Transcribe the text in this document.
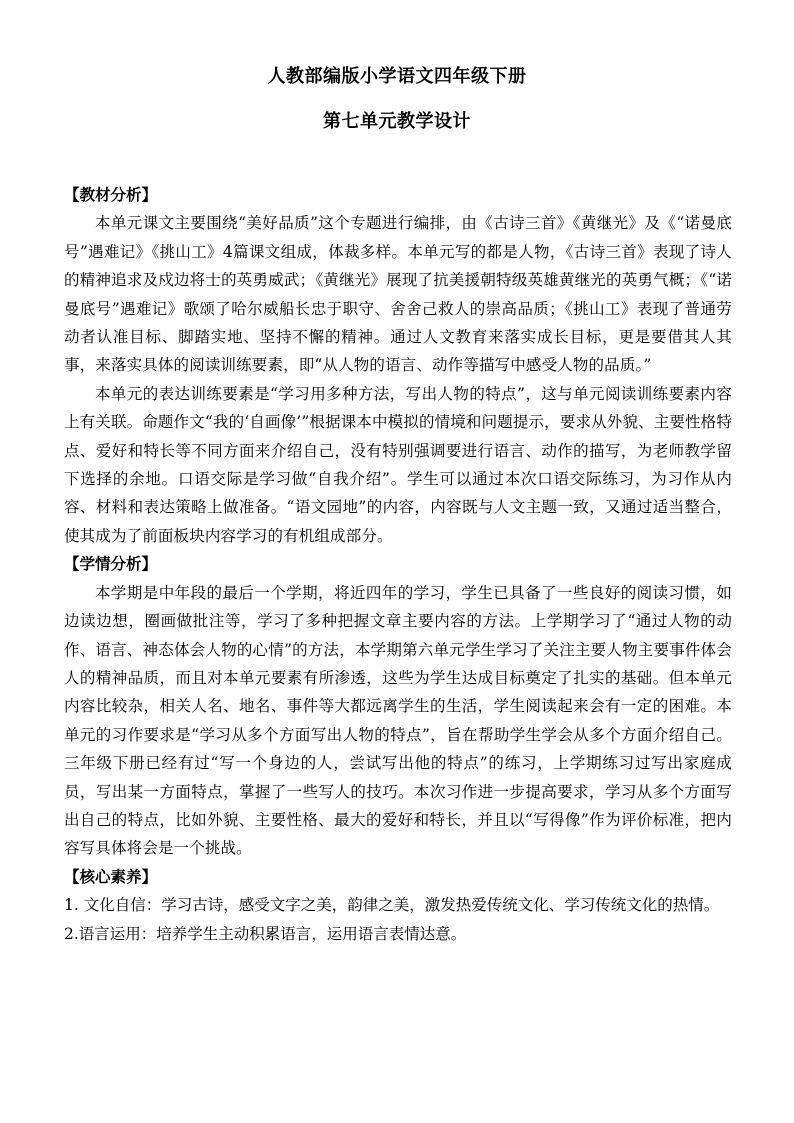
人教部编版小学语文四年级下册
第七单元教学设计
【教材分析】

本单元课文主要围绕“美好品质”这个专题进行编排，由《古诗三首》《黄继光》及《“诺曼底号”遇难记》《挑山工》4篇课文组成，体裁多样。本单元写的都是人物，《古诗三首》表现了诗人的精神追求及戍边将士的英勇威武；《黄继光》展现了抗美援朝特级英雄黄继光的英勇气概；《“诺曼底号”遇难记》歌颂了哈尔威船长忠于职守、舍舍己救人的崇高品质；《挑山工》表现了普通劳动者认准目标、脚踏实地、坚持不懈的精神。通过人文教育来落实成长目标，更是要借其人其事，来落实具体的阅读训练要素，即“从人物的语言、动作等描写中感受人物的品质。”

本单元的表达训练要素是“学习用多种方法，写出人物的特点”，这与单元阅读训练要素内容上有关联。命题作文“我的‘自画像’”根据课本中模拟的情境和问题提示，要求从外貌、主要性格特点、爱好和特长等不同方面来介绍自己，没有特别强调要进行语言、动作的描写，为老师教学留下选择的余地。口语交际是学习做“自我介绍”。学生可以通过本次口语交际练习，为习作从内容、材料和表达策略上做准备。“语文园地”的内容，内容既与人文主题一致，又通过适当整合，使其成为了前面板块内容学习的有机组成部分。

【学情分析】

本学期是中年段的最后一个学期，将近四年的学习，学生已具备了一些良好的阅读习惯，如边读边想，圈画做批注等，学习了多种把握文章主要内容的方法。上学期学习了“通过人物的动作、语言、神态体会人物的心情”的方法，本学期第六单元学生学习了关注主要人物主要事件体会人的精神品质，而且对本单元要素有所渗透，这些为学生达成目标奠定了扎实的基础。但本单元内容比较杂，相关人名、地名、事件等大都远离学生的生活，学生阅读起来会有一定的困难。本单元的习作要求是“学习从多个方面写出人物的特点”，旨在帮助学生学会从多个方面介绍自己。三年级下册已经有过“写一个身边的人，尝试写出他的特点”的练习，上学期练习过写出家庭成员，写出某一方面特点，掌握了一些写人的技巧。本次习作进一步提高要求，学习从多个方面写出自己的特点，比如外貌、主要性格、最大的爱好和特长，并且以“写得像”作为评价标准，把内容写具体将会是一个挑战。

【核心素养】

1. 文化自信：学习古诗，感受文字之美，韵律之美，激发热爱传统文化、学习传统文化的热情。

2.语言运用：培养学生主动积累语言，运用语言表情达意。
